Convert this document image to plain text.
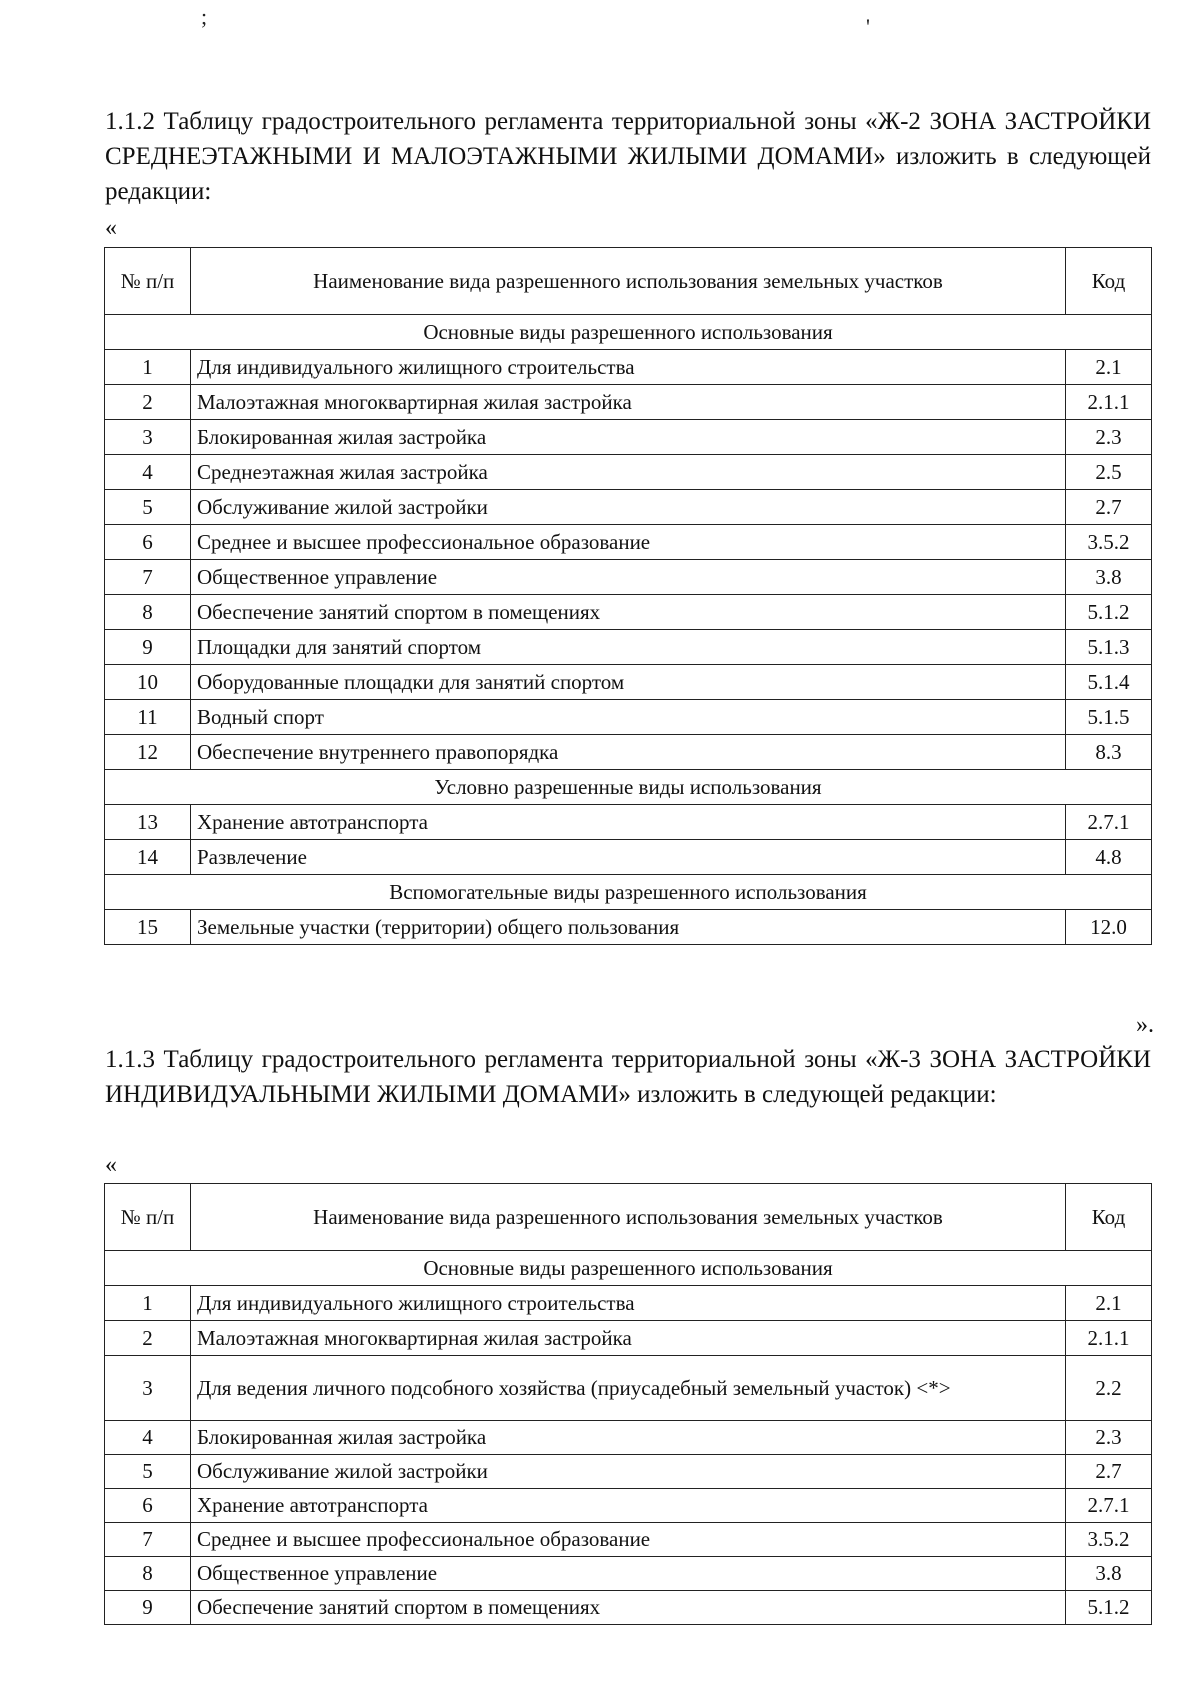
;	'

1.1.2 Таблицу градостроительного регламента территориальной зоны «Ж-2 ЗОНА ЗАСТРОЙКИ СРЕДНЕЭТАЖНЫМИ И МАЛОЭТАЖНЫМИ ЖИЛЫМИ ДОМАМИ» изложить в следующей редакции:

«
№ п/п	Наименование вида разрешенного использования земельных участков	Код
Основные виды разрешенного использования		
1	Для индивидуального жилищного строительства	2.1
2	Малоэтажная многоквартирная жилая застройка	2.1.1
3	Блокированная жилая застройка	2.3
4	Среднеэтажная жилая застройка	2.5
5	Обслуживание жилой застройки	2.7
6	Среднее и высшее профессиональное образование	3.5.2
7	Общественное управление	3.8
8	Обеспечение занятий спортом в помещениях	5.1.2
9	Площадки для занятий спортом	5.1.3
10	Оборудованные площадки для занятий спортом	5.1.4
11	Водный спорт	5.1.5
12	Обеспечение внутреннего правопорядка	8.3
Условно разрешенные виды использования		
13	Хранение автотранспорта	2.7.1
14	Развлечение	4.8
Вспомогательные виды разрешенного использования		
15	Земельные участки (территории) общего пользования	12.0
».

1.1.3 Таблицу градостроительного регламента территориальной зоны «Ж-3 ЗОНА ЗАСТРОЙКИ ИНДИВИДУАЛЬНЫМИ ЖИЛЫМИ ДОМАМИ» изложить в следующей редакции:

«
№ п/п	Наименование вида разрешенного использования земельных участков	Код
Основные виды разрешенного использования		
1	Для индивидуального жилищного строительства	2.1
2	Малоэтажная многоквартирная жилая застройка	2.1.1
3	Для ведения личного подсобного хозяйства (приусадебный земельный участок) <*>	2.2
4	Блокированная жилая застройка	2.3
5	Обслуживание жилой застройки	2.7
6	Хранение автотранспорта	2.7.1
7	Среднее и высшее профессиональное образование	3.5.2
8	Общественное управление	3.8
9	Обеспечение занятий спортом в помещениях	5.1.2
